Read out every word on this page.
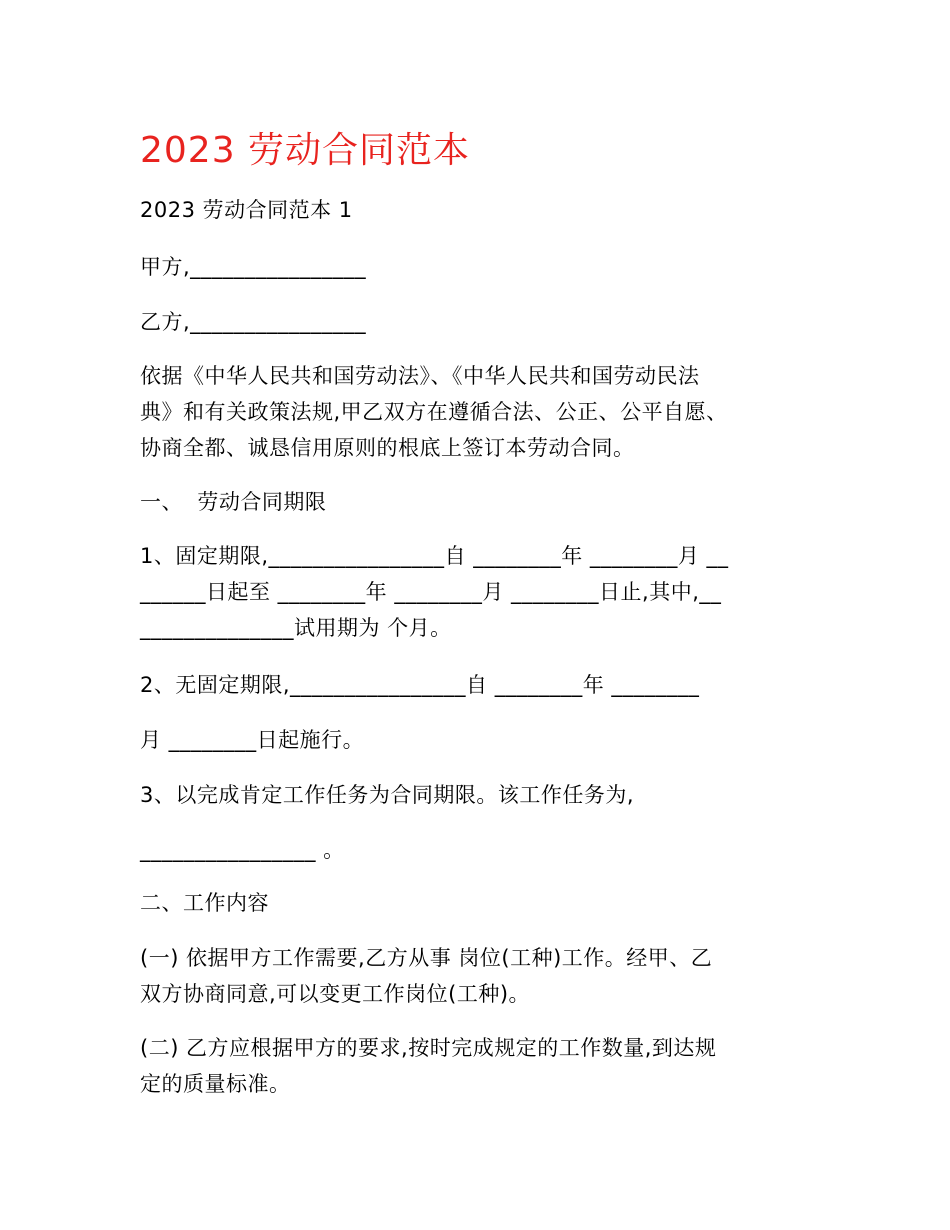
2023 劳动合同范本

2023 劳动合同范本 1

甲方,________________

乙方,________________

依据《中华人民共和国劳动法》、《中华人民共和国劳动民法
典》和有关政策法规,甲乙双方在遵循合法、公正、公平自愿、
协商全都、诚恳信用原则的根底上签订本劳动合同。

一、  劳动合同期限

1、固定期限,________________自 ________年 ________月 __
______日起至 ________年 ________月 ________日止,其中,__
______________试用期为 个月。

2、无固定期限,________________自 ________年 ________

月 ________日起施行。

3、以完成肯定工作任务为合同期限。该工作任务为,

________________ 。

二、工作内容

(一) 依据甲方工作需要,乙方从事 岗位(工种)工作。经甲、乙
双方协商同意,可以变更工作岗位(工种)。
(二) 乙方应根据甲方的要求,按时完成规定的工作数量,到达规
定的质量标准。
